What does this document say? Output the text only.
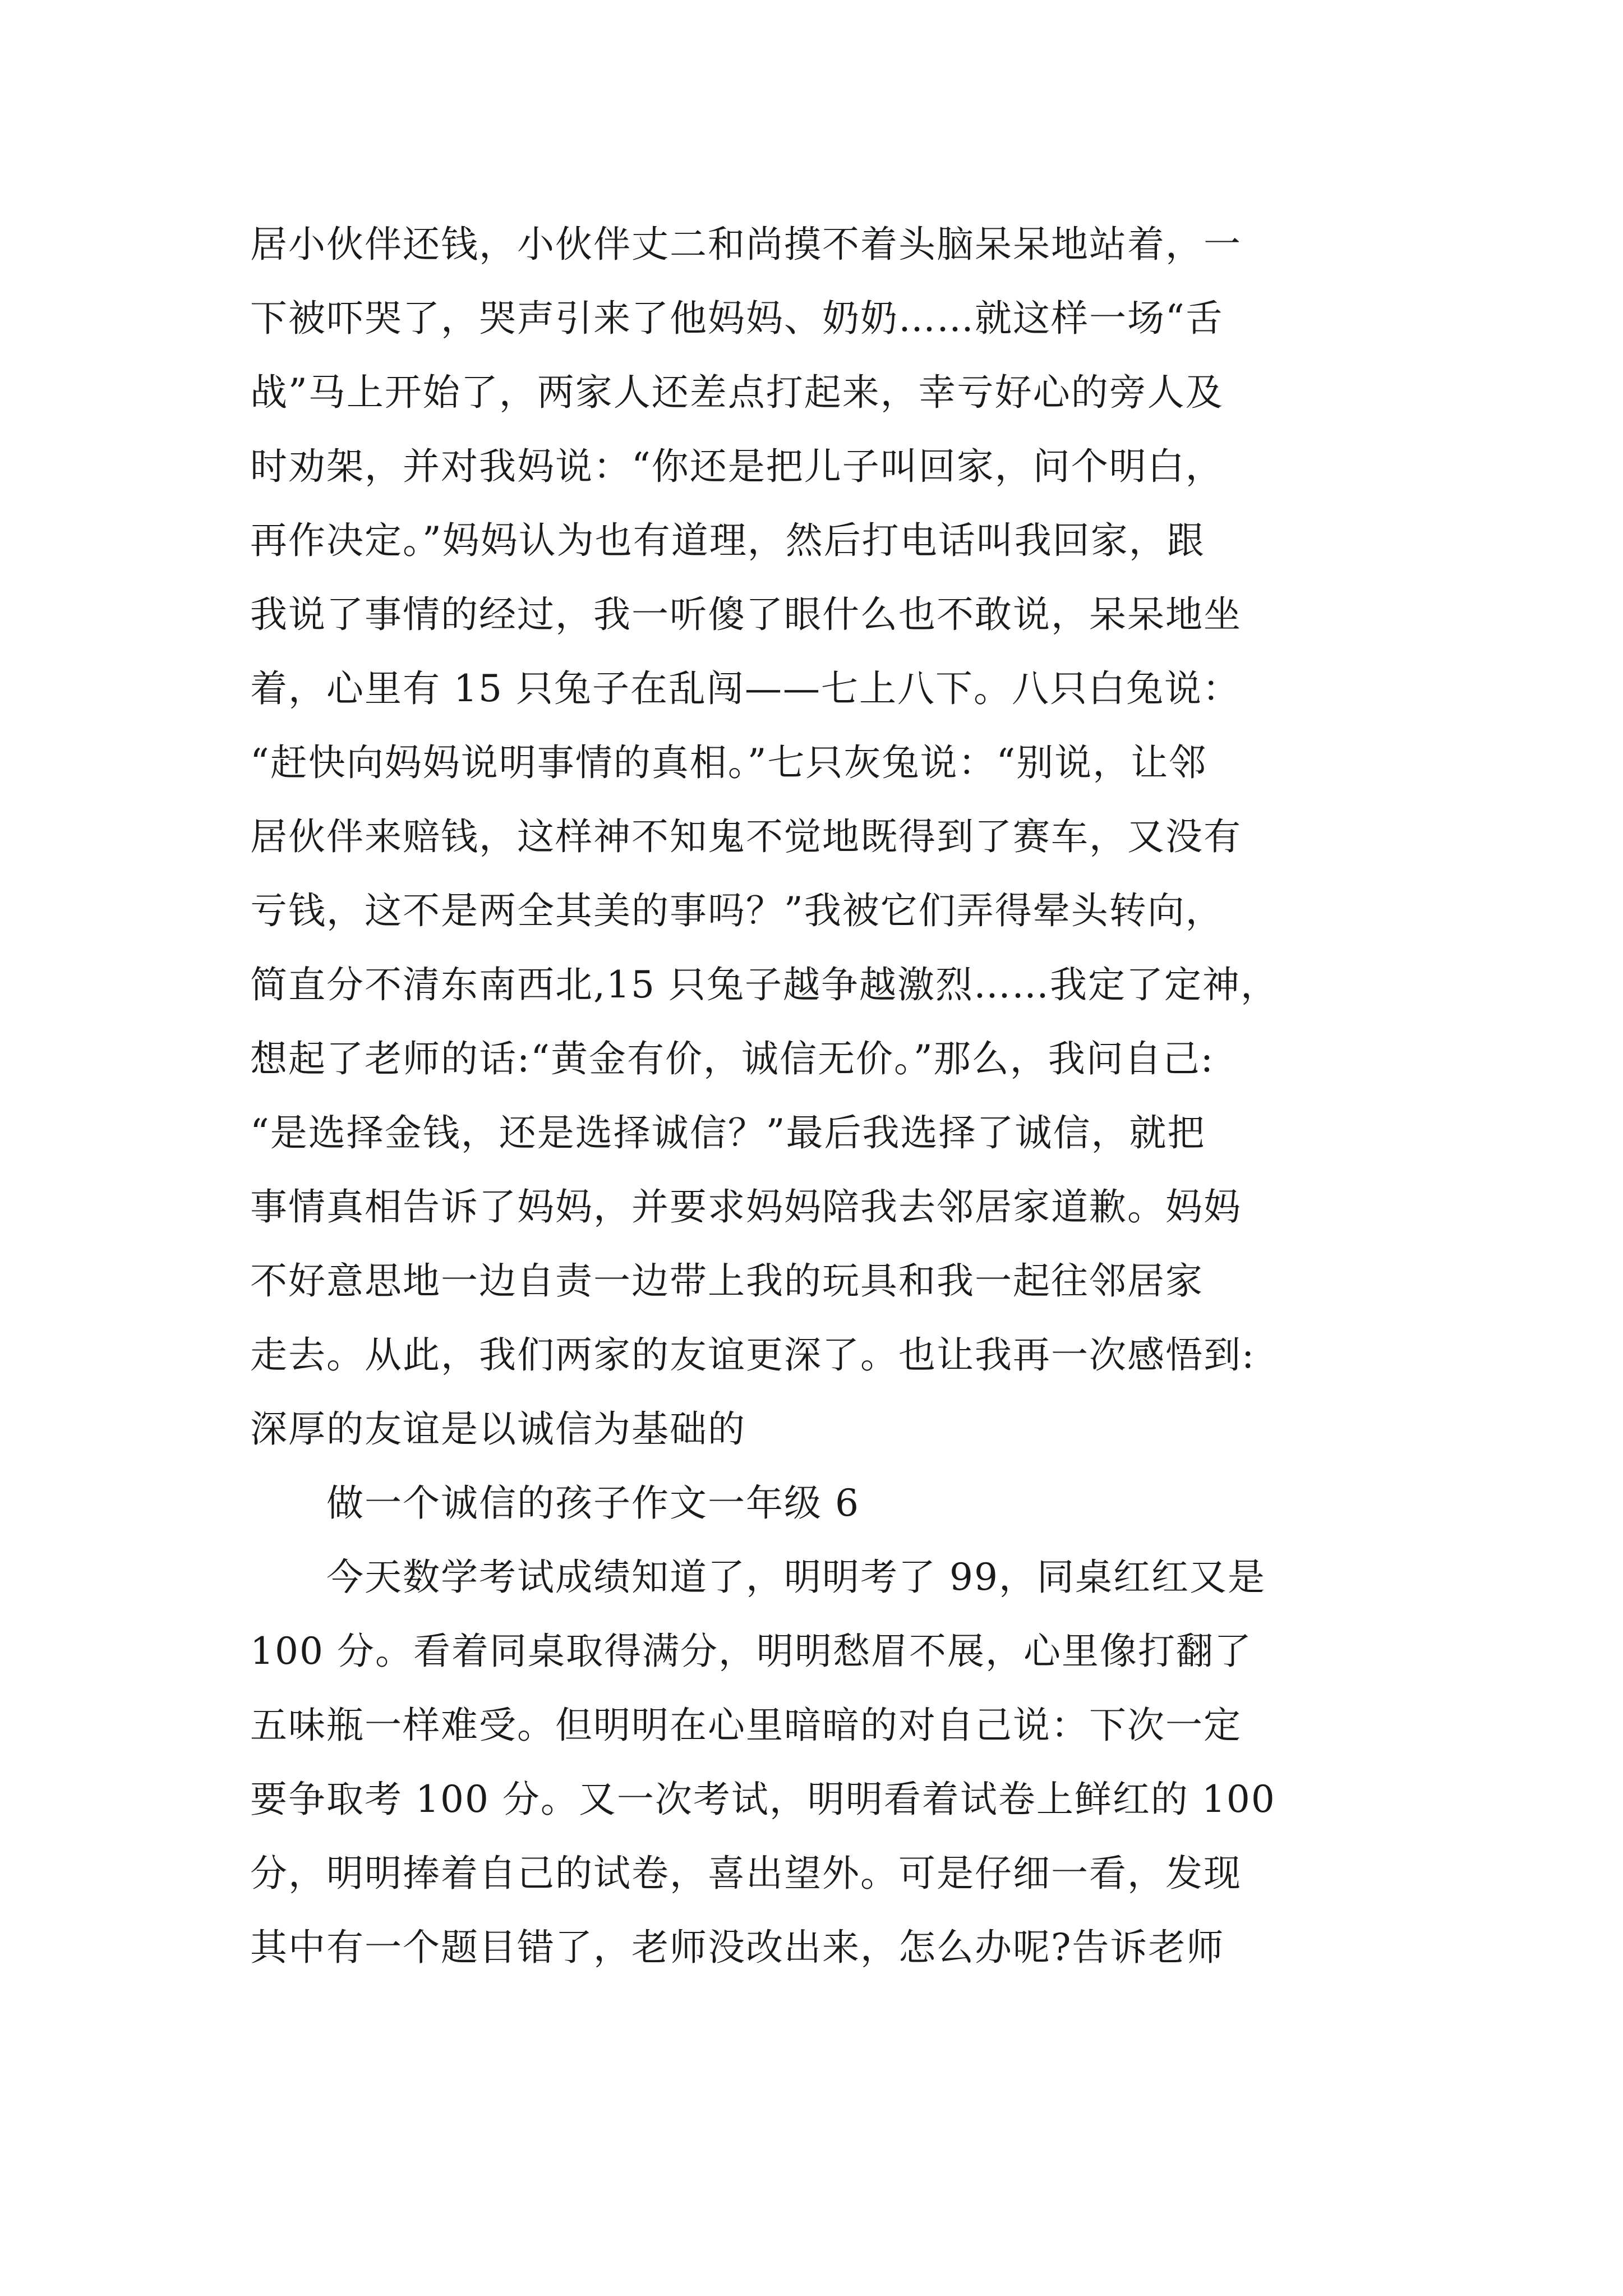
居小伙伴还钱，小伙伴丈二和尚摸不着头脑呆呆地站着，一
下被吓哭了，哭声引来了他妈妈、奶奶……就这样一场“舌
战”马上开始了，两家人还差点打起来，幸亏好心的旁人及
时劝架，并对我妈说：“你还是把儿子叫回家，问个明白，
再作决定。”妈妈认为也有道理，然后打电话叫我回家，跟
我说了事情的经过，我一听傻了眼什么也不敢说，呆呆地坐
着，心里有 15 只兔子在乱闯——七上八下。八只白兔说：
“赶快向妈妈说明事情的真相。”七只灰兔说：“别说，让邻
居伙伴来赔钱，这样神不知鬼不觉地既得到了赛车，又没有
亏钱，这不是两全其美的事吗？”我被它们弄得晕头转向，
简直分不清东南西北,15 只兔子越争越激烈……我定了定神，
想起了老师的话:“黄金有价，诚信无价。”那么，我问自己:
“是选择金钱，还是选择诚信？”最后我选择了诚信，就把
事情真相告诉了妈妈，并要求妈妈陪我去邻居家道歉。妈妈
不好意思地一边自责一边带上我的玩具和我一起往邻居家
走去。从此，我们两家的友谊更深了。也让我再一次感悟到:
深厚的友谊是以诚信为基础的
　　做一个诚信的孩子作文一年级 6
　　今天数学考试成绩知道了，明明考了 99，同桌红红又是
100 分。看着同桌取得满分，明明愁眉不展，心里像打翻了
五味瓶一样难受。但明明在心里暗暗的对自己说：下次一定
要争取考 100 分。又一次考试，明明看着试卷上鲜红的 100
分，明明捧着自己的试卷，喜出望外。可是仔细一看，发现
其中有一个题目错了，老师没改出来，怎么办呢?告诉老师
